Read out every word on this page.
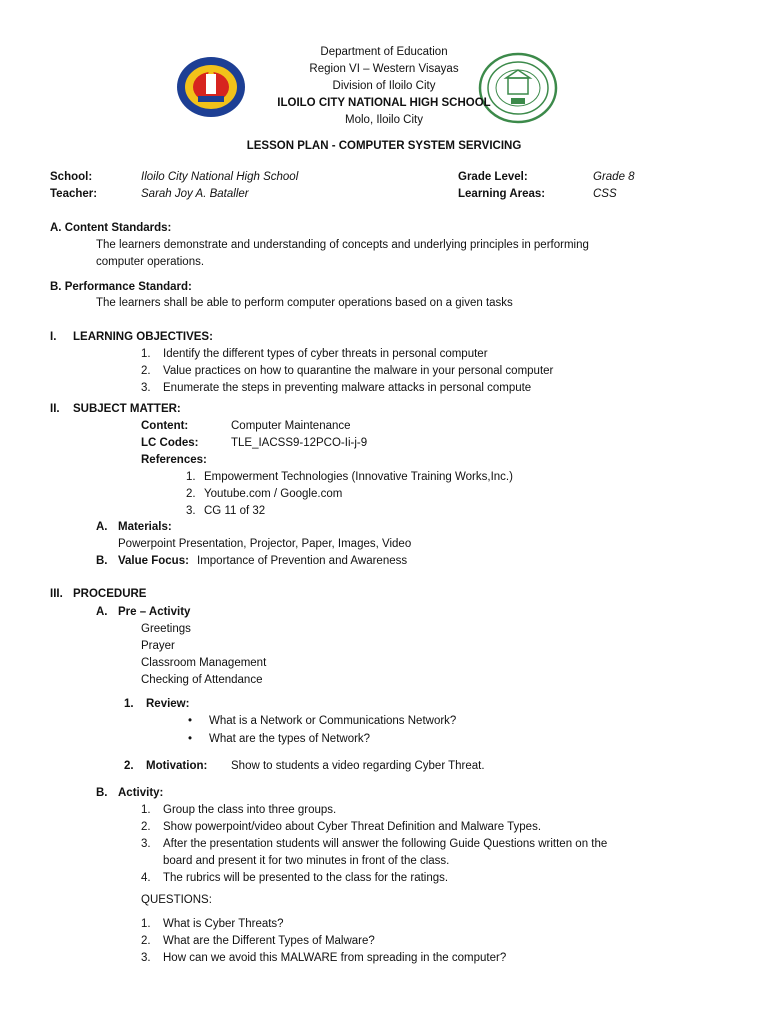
Department of Education
Region VI – Western Visayas
Division of Iloilo City
ILOILO CITY NATIONAL HIGH SCHOOL
Molo, Iloilo City
LESSON PLAN - COMPUTER SYSTEM SERVICING
School:	Iloilo City National High School	Grade Level:	Grade 8
Teacher:	Sarah Joy A. Bataller	Learning Areas:	CSS
A. Content Standards:
The learners demonstrate and understanding of concepts and underlying principles in performing
computer operations.
B. Performance Standard:
The learners shall be able to perform computer operations based on a given tasks
I. LEARNING OBJECTIVES:
1. Identify the different types of cyber threats in personal computer
2. Value practices on how to quarantine the malware in your personal computer
3. Enumerate the steps in preventing malware attacks in personal compute
II. SUBJECT MATTER:
Content:	Computer Maintenance
LC Codes:	TLE_IACSS9-12PCO-Ii-j-9
References:
1. Empowerment Technologies (Innovative Training Works,Inc.)
2. Youtube.com / Google.com
3. CG 11 of 32
A. Materials:
Powerpoint Presentation, Projector, Paper, Images, Video
B. Value Focus: Importance of Prevention and Awareness
III. PROCEDURE
A. Pre – Activity
Greetings
Prayer
Classroom Management
Checking of Attendance
1. Review:
• What is a Network or Communications Network?
• What are the types of Network?
2. Motivation: Show to students a video regarding Cyber Threat.
B. Activity:
1. Group the class into three groups.
2. Show powerpoint/video about Cyber Threat Definition and Malware Types.
3. After the presentation students will answer the following Guide Questions written on the
board and present it for two minutes in front of the class.
4. The rubrics will be presented to the class for the ratings.
QUESTIONS:
1. What is Cyber Threats?
2. What are the Different Types of Malware?
3. How can we avoid this MALWARE from spreading in the computer?
